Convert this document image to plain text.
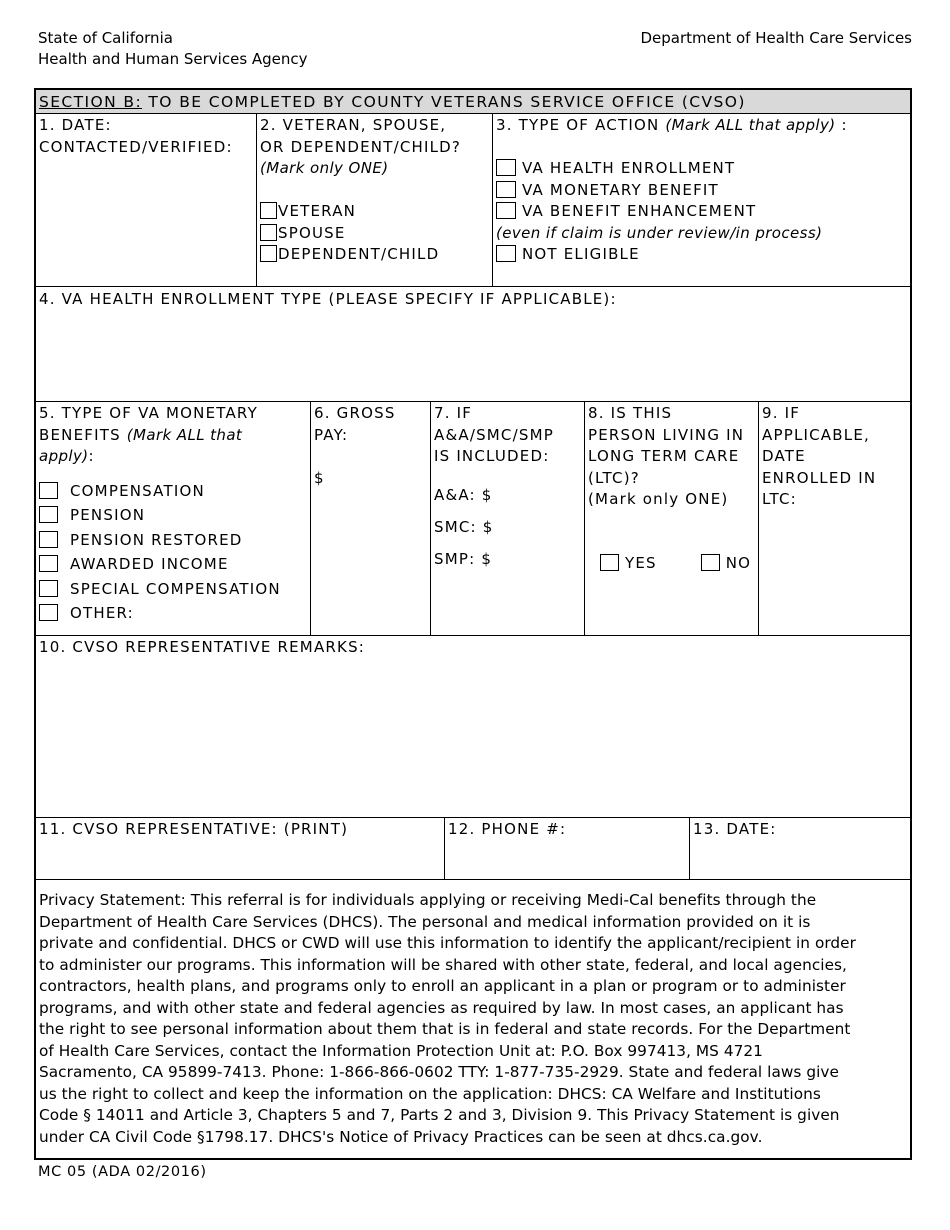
State of California
Health and Human Services Agency
Department of Health Care Services
SECTION B: TO BE COMPLETED BY COUNTY VETERANS SERVICE OFFICE (CVSO)
1. DATE:
CONTACTED/VERIFIED:
2. VETERAN, SPOUSE,
OR DEPENDENT/CHILD?
(Mark only ONE)

VETERAN
SPOUSE
DEPENDENT/CHILD
3. TYPE OF ACTION (Mark ALL that apply) :

VA HEALTH ENROLLMENT
VA MONETARY BENEFIT
VA BENEFIT ENHANCEMENT
(even if claim is under review/in process)
NOT ELIGIBLE
4. VA HEALTH ENROLLMENT TYPE (PLEASE SPECIFY IF APPLICABLE):
5. TYPE OF VA MONETARY
BENEFITS (Mark ALL that
apply):
COMPENSATION
PENSION
PENSION RESTORED
AWARDED INCOME
SPECIAL COMPENSATION
OTHER:
6. GROSS
PAY:

$
7. IF
A&A/SMC/SMP
IS INCLUDED:
A&A: $
SMC: $
SMP: $
8. IS THIS
PERSON LIVING IN
LONG TERM CARE
(LTC)?
(Mark only ONE)
YES	NO
9. IF
APPLICABLE,
DATE
ENROLLED IN
LTC:
10. CVSO REPRESENTATIVE REMARKS:
11. CVSO REPRESENTATIVE: (PRINT)	12. PHONE #:	13. DATE:
Privacy Statement: This referral is for individuals applying or receiving Medi-Cal benefits through the
Department of Health Care Services (DHCS). The personal and medical information provided on it is
private and confidential. DHCS or CWD will use this information to identify the applicant/recipient in order
to administer our programs. This information will be shared with other state, federal, and local agencies,
contractors, health plans, and programs only to enroll an applicant in a plan or program or to administer
programs, and with other state and federal agencies as required by law. In most cases, an applicant has
the right to see personal information about them that is in federal and state records. For the Department
of Health Care Services, contact the Information Protection Unit at: P.O. Box 997413, MS 4721
Sacramento, CA 95899-7413. Phone: 1-866-866-0602 TTY: 1-877-735-2929. State and federal laws give
us the right to collect and keep the information on the application: DHCS: CA Welfare and Institutions
Code § 14011 and Article 3, Chapters 5 and 7, Parts 2 and 3, Division 9. This Privacy Statement is given
under CA Civil Code §1798.17. DHCS's Notice of Privacy Practices can be seen at dhcs.ca.gov.
MC 05 (ADA 02/2016)
